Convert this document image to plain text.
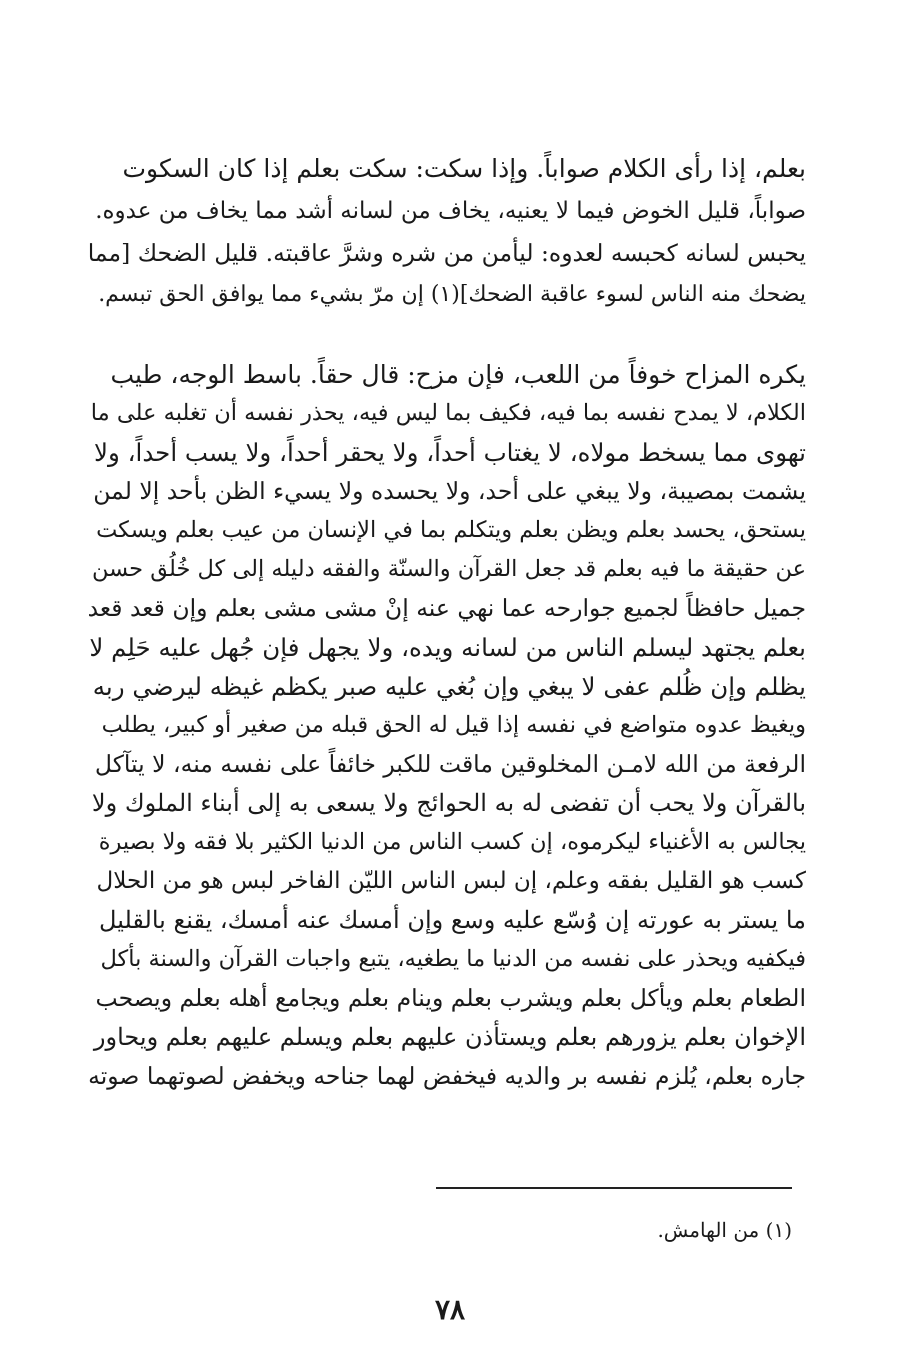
بعلم، إذا رأى الكلام صواباً. وإذا سكت: سكت بعلم إذا كان السكوت
صواباً، قليل الخوض فيما لا يعنيه، يخاف من لسانه أشد مما يخاف من عدوه.
يحبس لسانه كحبسه لعدوه: ليأمن من شره وشرَّ عاقبته. قليل الضحك [مما
يضحك منه الناس لسوء عاقبة الضحك](١) إن مرّ بشيء مما يوافق الحق تبسم.
يكره المزاح خوفاً من اللعب، فإن مزح: قال حقاً. باسط الوجه، طيب
الكلام، لا يمدح نفسه بما فيه، فكيف بما ليس فيه، يحذر نفسه أن تغلبه على ما
تهوى مما يسخط مولاه، لا يغتاب أحداً، ولا يحقر أحداً، ولا يسب أحداً، ولا
يشمت بمصيبة، ولا يبغي على أحد، ولا يحسده ولا يسيء الظن بأحد إلا لمن
يستحق، يحسد بعلم ويظن بعلم ويتكلم بما في الإنسان من عيب بعلم ويسكت
عن حقيقة ما فيه بعلم قد جعل القرآن والسنّة والفقه دليله إلى كل خُلُق حسن
جميل حافظاً لجميع جوارحه عما نهي عنه إنْ مشى مشى بعلم وإن قعد قعد
بعلم يجتهد ليسلم الناس من لسانه ويده، ولا يجهل فإن جُهل عليه حَلِم لا
يظلم وإن ظُلم عفى لا يبغي وإن بُغي عليه صبر يكظم غيظه ليرضي ربه
ويغيظ عدوه متواضع في نفسه إذا قيل له الحق قبله من صغير أو كبير، يطلب
الرفعة من الله لامـن المخلوقين ماقت للكبر خائفاً على نفسه منه، لا يتآكل
بالقرآن ولا يحب أن تفضى له به الحوائج ولا يسعى به إلى أبناء الملوك ولا
يجالس به الأغنياء ليكرموه، إن كسب الناس من الدنيا الكثير بلا فقه ولا بصيرة
كسب هو القليل بفقه وعلم، إن لبس الناس الليّن الفاخر لبس هو من الحلال
ما يستر به عورته إن وُسّع عليه وسع وإن أمسك عنه أمسك، يقنع بالقليل
فيكفيه ويحذر على نفسه من الدنيا ما يطغيه، يتبع واجبات القرآن والسنة بأكل
الطعام بعلم ويأكل بعلم ويشرب بعلم وينام بعلم ويجامع أهله بعلم ويصحب
الإخوان بعلم يزورهم بعلم ويستأذن عليهم بعلم ويسلم عليهم بعلم ويحاور
جاره بعلم، يُلزم نفسه بر والديه فيخفض لهما جناحه ويخفض لصوتهما صوته
(١) من الهامش.
٧٨
